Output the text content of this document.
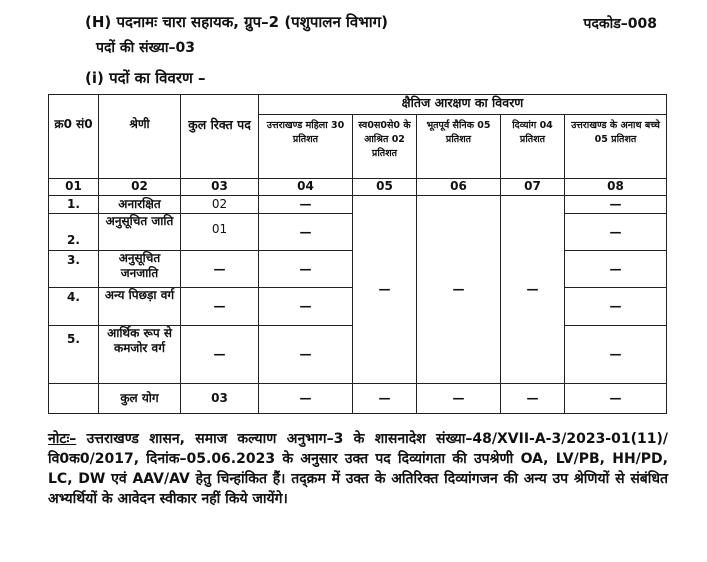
(H) पदनामः चारा सहायक, ग्रुप–2 (पशुपालन विभाग)	पदकोड–008
पदों की संख्या–03
(i) पदों का विवरण –
क्र0 सं0	श्रेणी	कुल रिक्त पद	क्षैतिज आरक्षण का विवरण				
			उत्तराखण्ड महिला 30 प्रतिशत	स्व0स0से0 के आश्रित 02 प्रतिशत	भूतपूर्व सैनिक 05 प्रतिशत	दिव्यांग 04 प्रतिशत	उत्तराखण्ड के अनाथ बच्चे 05 प्रतिशत
01	02	03	04	05	06	07	08
1.	अनारक्षित	02	—	—	—	—	—
2.	अनुसूचित जाति	01	—				—
3.	अनुसूचित जनजाति	—	—				—
4.	अन्य पिछड़ा वर्ग	—	—				—
5.	आर्थिक रूप से कमजोर वर्ग	—	—				—
	कुल योग	03	—	—	—	—	—
नोटः– उत्तराखण्ड शासन, समाज कल्याण अनुभाग–3 के शासनादेश संख्या–48/XVII-A-3/2023-01(11)/वि0क0/2017, दिनांक–05.06.2023 के अनुसार उक्त पद दिव्यांगता की उपश्रेणी OA, LV/PB, HH/PD, LC, DW एवं AAV/AV हेतु चिन्हांकित हैं। तद्क्रम में उक्त के अतिरिक्त दिव्यांगजन की अन्य उप श्रेणियों से संबंधित अभ्यर्थियों के आवेदन स्वीकार नहीं किये जायेंगे।
